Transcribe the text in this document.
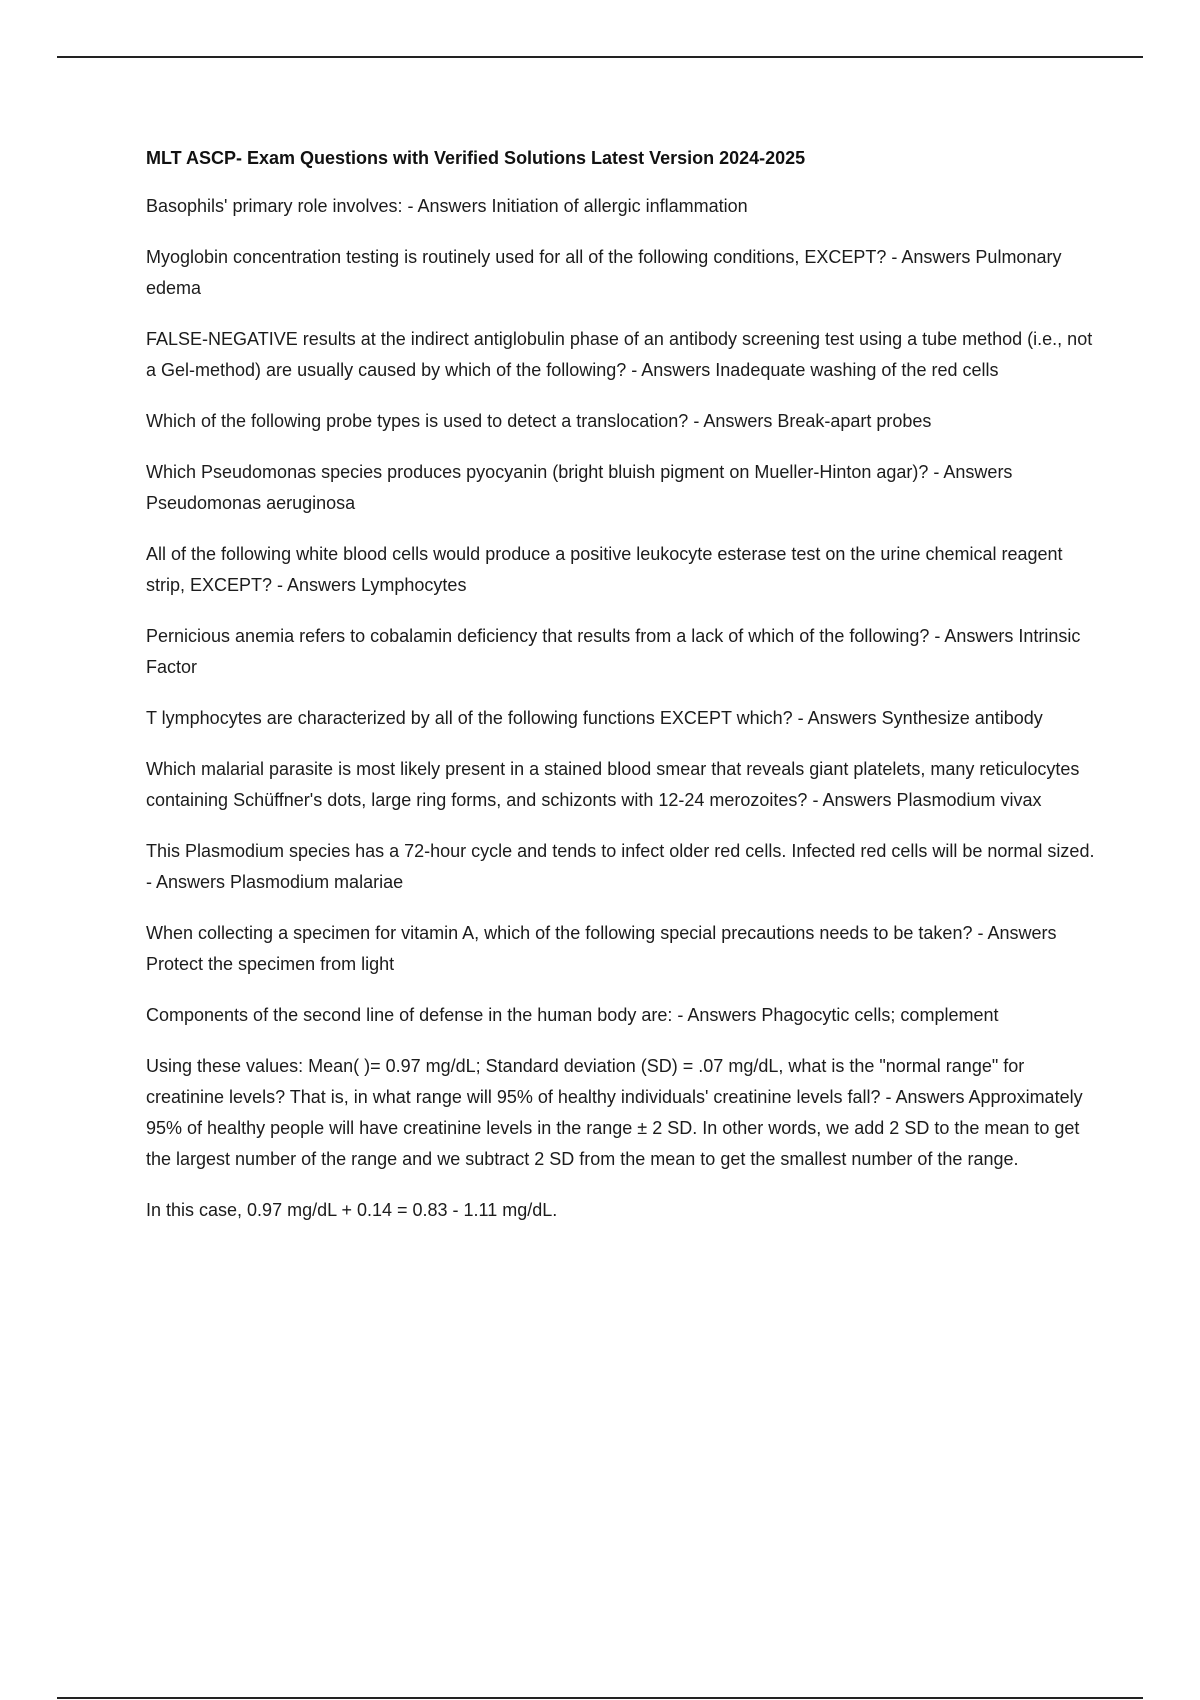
MLT ASCP- Exam Questions with Verified Solutions Latest Version 2024-2025

Basophils' primary role involves: - Answers Initiation of allergic inflammation

Myoglobin concentration testing is routinely used for all of the following conditions, EXCEPT? - Answers Pulmonary edema

FALSE-NEGATIVE results at the indirect antiglobulin phase of an antibody screening test using a tube method (i.e., not a Gel-method) are usually caused by which of the following? - Answers Inadequate washing of the red cells

Which of the following probe types is used to detect a translocation? - Answers Break-apart probes

Which Pseudomonas species produces pyocyanin (bright bluish pigment on Mueller-Hinton agar)? - Answers Pseudomonas aeruginosa

All of the following white blood cells would produce a positive leukocyte esterase test on the urine chemical reagent strip, EXCEPT? - Answers Lymphocytes

Pernicious anemia refers to cobalamin deficiency that results from a lack of which of the following? - Answers Intrinsic Factor

T lymphocytes are characterized by all of the following functions EXCEPT which? - Answers Synthesize antibody

Which malarial parasite is most likely present in a stained blood smear that reveals giant platelets, many reticulocytes containing Schüffner's dots, large ring forms, and schizonts with 12-24 merozoites? - Answers Plasmodium vivax

This Plasmodium species has a 72-hour cycle and tends to infect older red cells. Infected red cells will be normal sized. - Answers Plasmodium malariae

When collecting a specimen for vitamin A, which of the following special precautions needs to be taken? - Answers Protect the specimen from light

Components of the second line of defense in the human body are: - Answers Phagocytic cells; complement

Using these values: Mean( )= 0.97 mg/dL; Standard deviation (SD) = .07 mg/dL, what is the "normal range" for creatinine levels? That is, in what range will 95% of healthy individuals' creatinine levels fall? - Answers Approximately 95% of healthy people will have creatinine levels in the range ± 2 SD. In other words, we add 2 SD to the mean to get the largest number of the range and we subtract 2 SD from the mean to get the smallest number of the range.

In this case, 0.97 mg/dL + 0.14 = 0.83 - 1.11 mg/dL.
